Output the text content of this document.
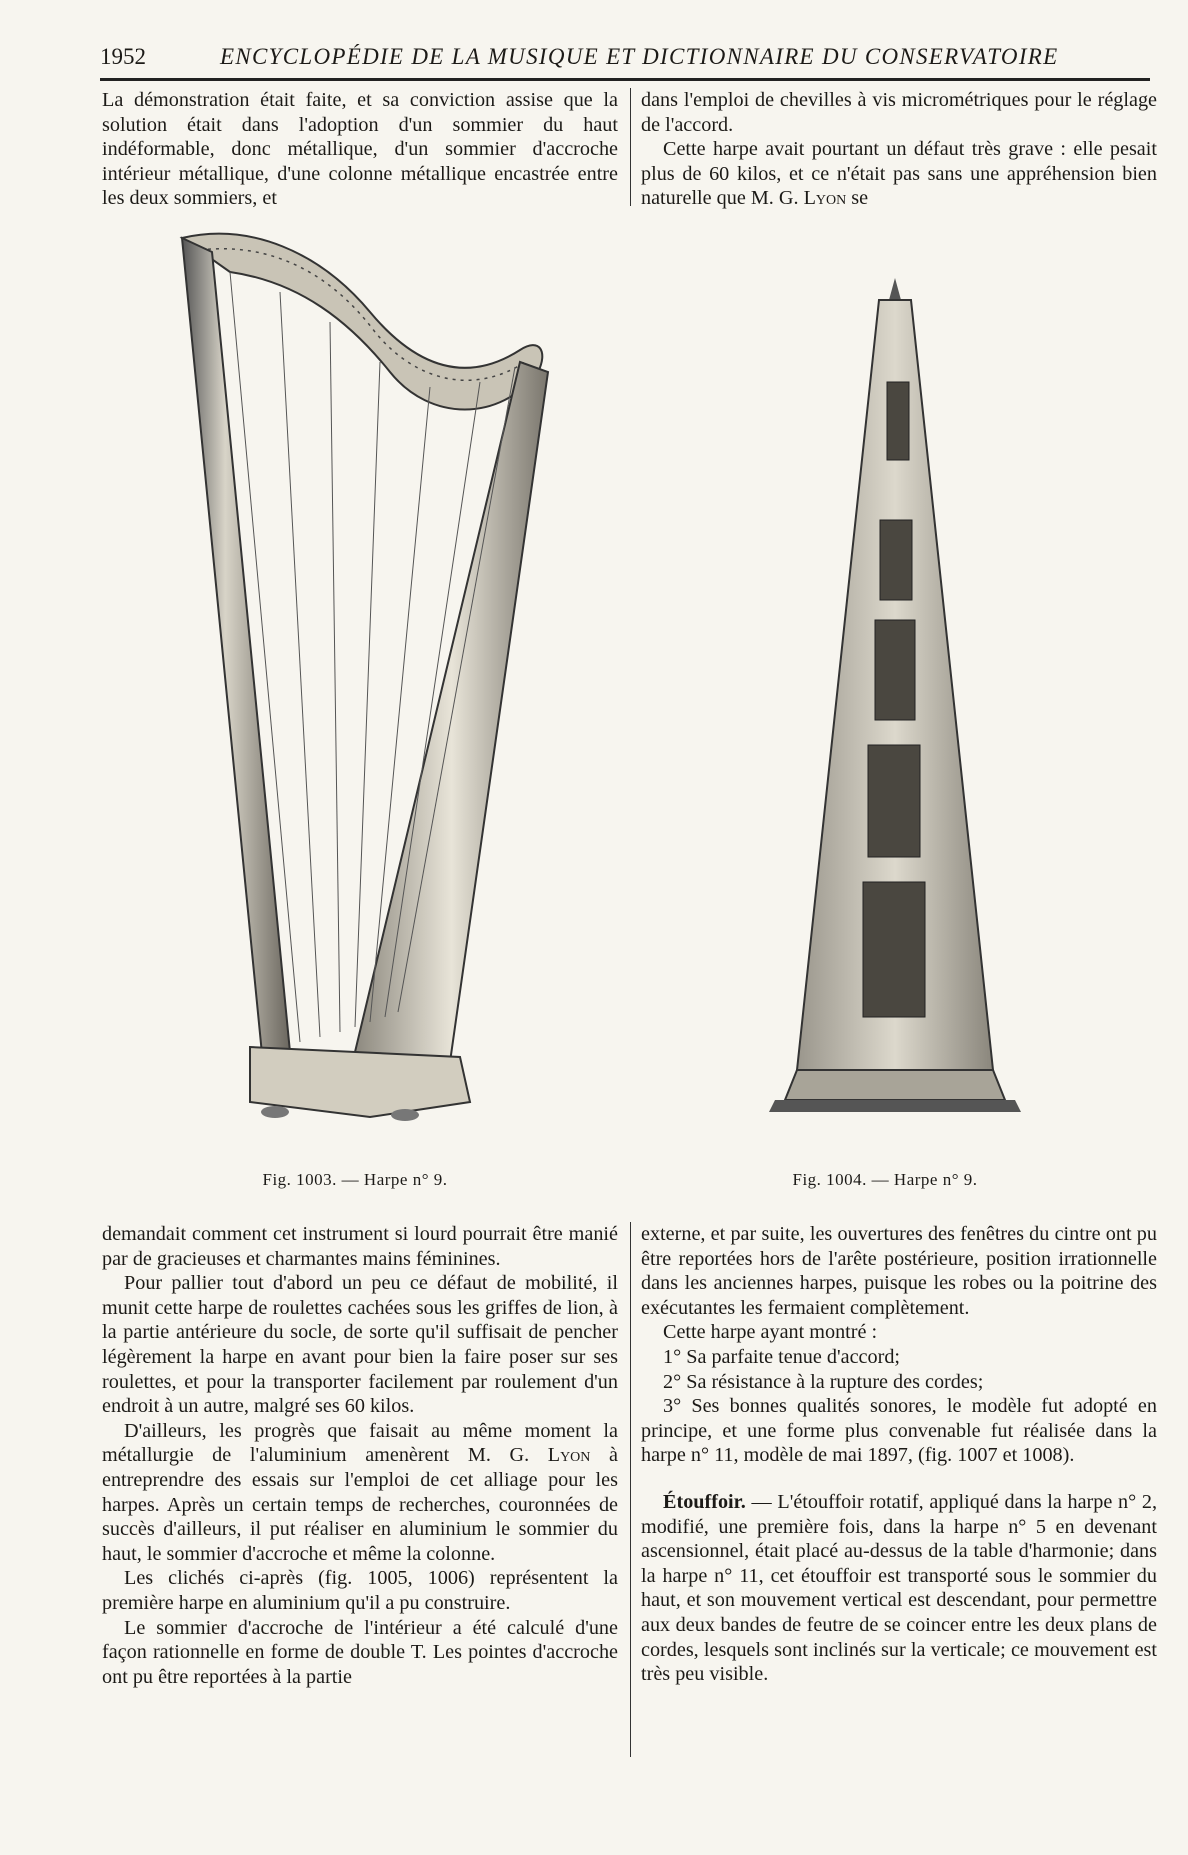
1952	ENCYCLOPÉDIE DE LA MUSIQUE ET DICTIONNAIRE DU CONSERVATOIRE

La démonstration était faite, et sa conviction assise que la solution était dans l'adoption d'un sommier du haut indéformable, donc métallique, d'un sommier d'accroche intérieur métallique, d'une colonne métallique encastrée entre les deux sommiers, et

dans l'emploi de chevilles à vis micrométriques pour le réglage de l'accord.

Cette harpe avait pourtant un défaut très grave : elle pesait plus de 60 kilos, et ce n'était pas sans une appréhension bien naturelle que M. G. Lyon se

Fig. 1003. — Harpe n° 9.	Fig. 1004. — Harpe n° 9.

demandait comment cet instrument si lourd pourrait être manié par de gracieuses et charmantes mains féminines.

Pour pallier tout d'abord un peu ce défaut de mobilité, il munit cette harpe de roulettes cachées sous les griffes de lion, à la partie antérieure du socle, de sorte qu'il suffisait de pencher légèrement la harpe en avant pour bien la faire poser sur ses roulettes, et pour la transporter facilement par roulement d'un endroit à un autre, malgré ses 60 kilos.

D'ailleurs, les progrès que faisait au même moment la métallurgie de l'aluminium amenèrent M. G. Lyon à entreprendre des essais sur l'emploi de cet alliage pour les harpes. Après un certain temps de recherches, couronnées de succès d'ailleurs, il put réaliser en aluminium le sommier du haut, le sommier d'accroche et même la colonne.

Les clichés ci-après (fig. 1005, 1006) représentent la première harpe en aluminium qu'il a pu construire.

Le sommier d'accroche de l'intérieur a été calculé d'une façon rationnelle en forme de double T. Les pointes d'accroche ont pu être reportées à la partie

externe, et par suite, les ouvertures des fenêtres du cintre ont pu être reportées hors de l'arête postérieure, position irrationnelle dans les anciennes harpes, puisque les robes ou la poitrine des exécutantes les fermaient complètement.

Cette harpe ayant montré :

1° Sa parfaite tenue d'accord;

2° Sa résistance à la rupture des cordes;

3° Ses bonnes qualités sonores, le modèle fut adopté en principe, et une forme plus convenable fut réalisée dans la harpe n° 11, modèle de mai 1897, (fig. 1007 et 1008).

Étouffoir. — L'étouffoir rotatif, appliqué dans la harpe n° 2, modifié, une première fois, dans la harpe n° 5 en devenant ascensionnel, était placé au-dessus de la table d'harmonie; dans la harpe n° 11, cet étouffoir est transporté sous le sommier du haut, et son mouvement vertical est descendant, pour permettre aux deux bandes de feutre de se coincer entre les deux plans de cordes, lesquels sont inclinés sur la verticale; ce mouvement est très peu visible.
